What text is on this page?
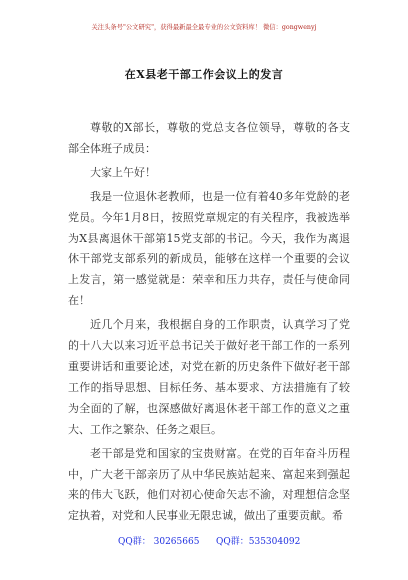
关注头条号"公文研究"，获得最新最全最专业的公文资料库！ 微信：gongwenyj
在X县老干部工作会议上的发言

尊敬的X部长，尊敬的党总支各位领导，尊敬的各支部全体班子成员：

大家上午好！

我是一位退休老教师，也是一位有着40多年党龄的老党员。今年1月8日，按照党章规定的有关程序，我被选举为X县离退休干部第15党支部的书记。今天，我作为离退休干部党支部系列的新成员，能够在这样一个重要的会议上发言，第一感觉就是：荣幸和压力共存，责任与使命同在！

近几个月来，我根据自身的工作职责，认真学习了党的十八大以来习近平总书记关于做好老干部工作的一系列重要讲话和重要论述，对党在新的历史条件下做好老干部工作的指导思想、目标任务、基本要求、方法措施有了较为全面的了解，也深感做好离退休老干部工作的意义之重大、工作之繁杂、任务之艰巨。

老干部是党和国家的宝贵财富。在党的百年奋斗历程中，广大老干部亲历了从中华民族站起来、富起来到强起来的伟大飞跃，他们对初心使命矢志不渝，对理想信念坚定执着，对党和人民事业无限忠诚，做出了重要贡献。希

QQ群： 30265665 QQ群：535304092
